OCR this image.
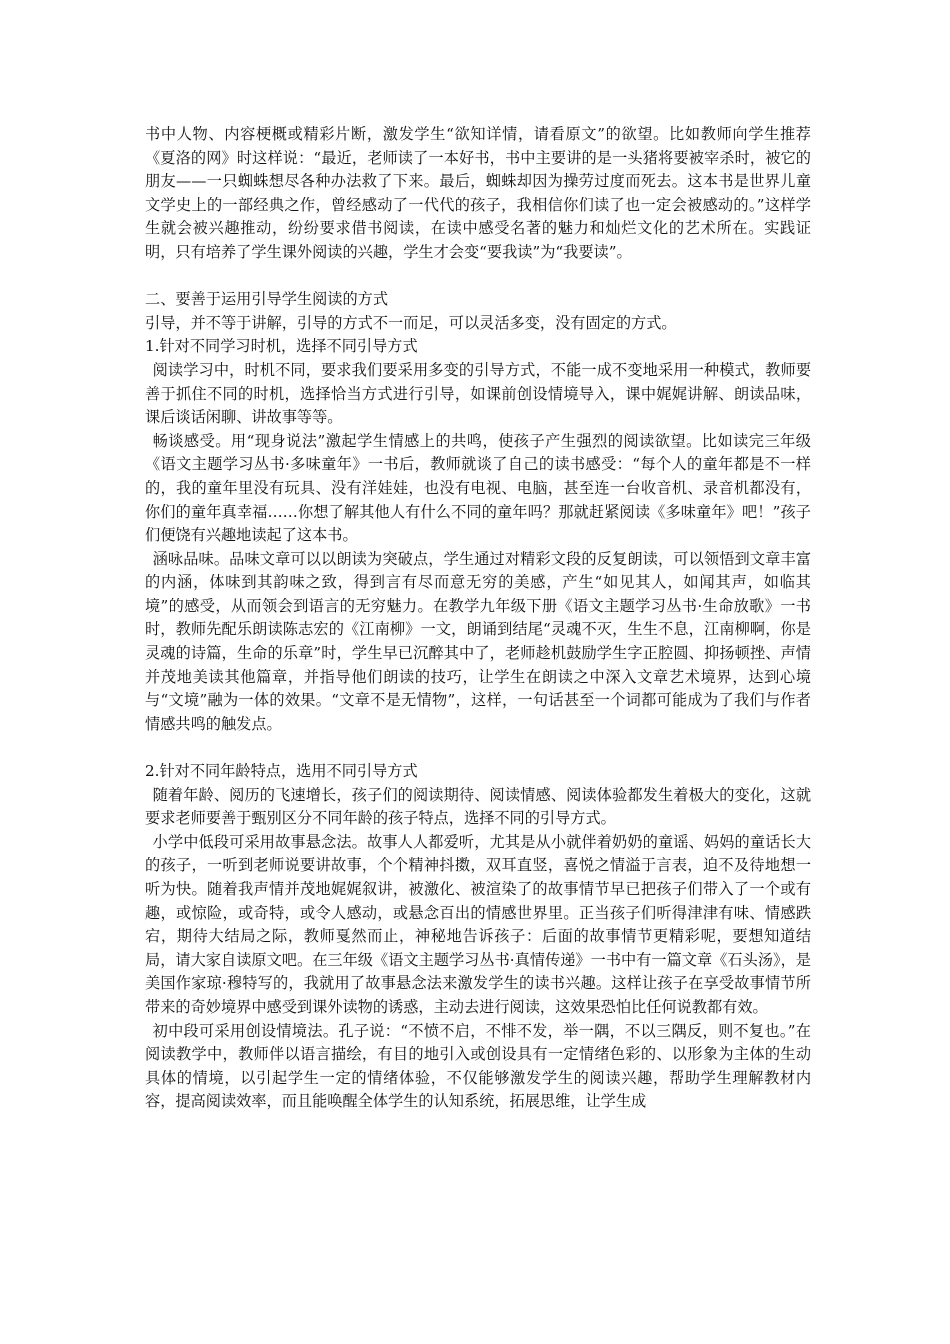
书中人物、内容梗概或精彩片断，激发学生“欲知详情，请看原文”的欲望。比如教师向学生推荐《夏洛的网》时这样说：“最近，老师读了一本好书，书中主要讲的是一头猪将要被宰杀时，被它的朋友——一只蜘蛛想尽各种办法救了下来。最后，蜘蛛却因为操劳过度而死去。这本书是世界儿童文学史上的一部经典之作，曾经感动了一代代的孩子，我相信你们读了也一定会被感动的。”这样学生就会被兴趣推动，纷纷要求借书阅读，在读中感受名著的魅力和灿烂文化的艺术所在。实践证明，只有培养了学生课外阅读的兴趣，学生才会变“要我读”为“我要读”。

二、要善于运用引导学生阅读的方式

引导，并不等于讲解，引导的方式不一而足，可以灵活多变，没有固定的方式。

1.针对不同学习时机，选择不同引导方式

阅读学习中，时机不同，要求我们要采用多变的引导方式，不能一成不变地采用一种模式，教师要善于抓住不同的时机，选择恰当方式进行引导，如课前创设情境导入，课中娓娓讲解、朗读品味，课后谈话闲聊、讲故事等等。

畅谈感受。用“现身说法”激起学生情感上的共鸣，使孩子产生强烈的阅读欲望。比如读完三年级《语文主题学习丛书·多味童年》一书后，教师就谈了自己的读书感受：“每个人的童年都是不一样的，我的童年里没有玩具、没有洋娃娃，也没有电视、电脑，甚至连一台收音机、录音机都没有，你们的童年真幸福……你想了解其他人有什么不同的童年吗？那就赶紧阅读《多味童年》吧！”孩子们便饶有兴趣地读起了这本书。

涵咏品味。品味文章可以以朗读为突破点，学生通过对精彩文段的反复朗读，可以领悟到文章丰富的内涵，体味到其韵味之致，得到言有尽而意无穷的美感，产生“如见其人，如闻其声，如临其境”的感受，从而领会到语言的无穷魅力。在教学九年级下册《语文主题学习丛书·生命放歌》一书时，教师先配乐朗读陈志宏的《江南柳》一文，朗诵到结尾“灵魂不灭，生生不息，江南柳啊，你是灵魂的诗篇，生命的乐章”时，学生早已沉醉其中了，老师趁机鼓励学生字正腔圆、抑扬顿挫、声情并茂地美读其他篇章，并指导他们朗读的技巧，让学生在朗读之中深入文章艺术境界，达到心境与“文境”融为一体的效果。“文章不是无情物”，这样，一句话甚至一个词都可能成为了我们与作者情感共鸣的触发点。

2.针对不同年龄特点，选用不同引导方式

随着年龄、阅历的飞速增长，孩子们的阅读期待、阅读情感、阅读体验都发生着极大的变化，这就要求老师要善于甄别区分不同年龄的孩子特点，选择不同的引导方式。

小学中低段可采用故事悬念法。故事人人都爱听，尤其是从小就伴着奶奶的童谣、妈妈的童话长大的孩子，一听到老师说要讲故事，个个精神抖擞，双耳直竖，喜悦之情溢于言表，迫不及待地想一听为快。随着我声情并茂地娓娓叙讲，被激化、被渲染了的故事情节早已把孩子们带入了一个或有趣，或惊险，或奇特，或令人感动，或悬念百出的情感世界里。正当孩子们听得津津有味、情感跌宕，期待大结局之际，教师戛然而止，神秘地告诉孩子：后面的故事情节更精彩呢，要想知道结局，请大家自读原文吧。在三年级《语文主题学习丛书·真情传递》一书中有一篇文章《石头汤》，是美国作家琼·穆特写的，我就用了故事悬念法来激发学生的读书兴趣。这样让孩子在享受故事情节所带来的奇妙境界中感受到课外读物的诱惑，主动去进行阅读，这效果恐怕比任何说教都有效。

初中段可采用创设情境法。孔子说：“不愤不启，不悱不发，举一隅，不以三隅反，则不复也。”在阅读教学中，教师伴以语言描绘，有目的地引入或创设具有一定情绪色彩的、以形象为主体的生动具体的情境，以引起学生一定的情绪体验，不仅能够激发学生的阅读兴趣，帮助学生理解教材内容，提高阅读效率，而且能唤醒全体学生的认知系统，拓展思维，让学生成
